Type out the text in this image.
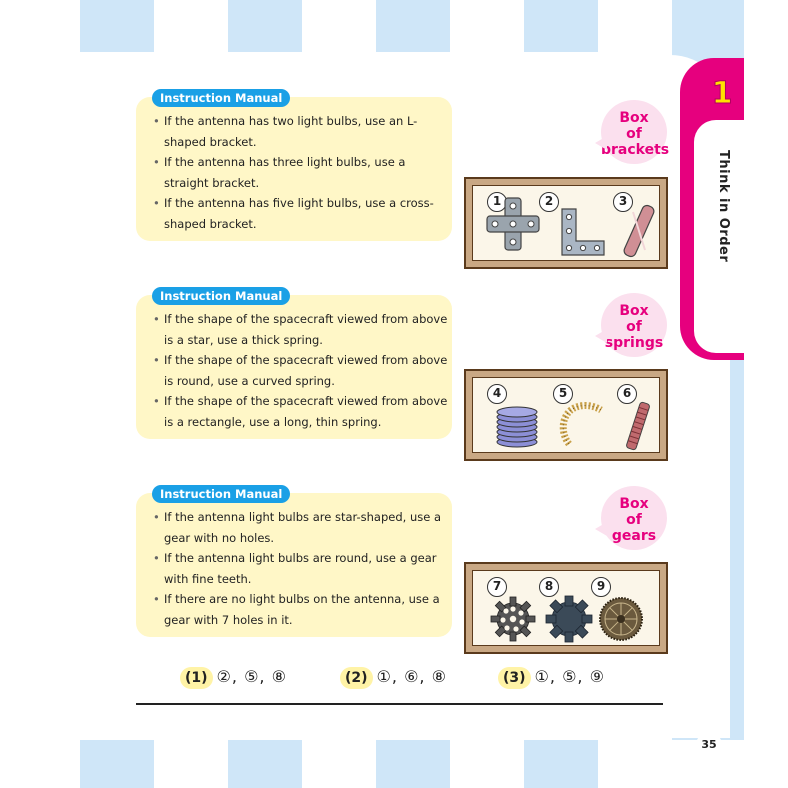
1
Think in Order
Instruction Manual
• If the antenna has two light bulbs, use an L-shaped bracket.
• If the antenna has three light bulbs, use a straight bracket.
• If the antenna has five light bulbs, use a cross-shaped bracket.
Box
of
brackets
1	2	3
Instruction Manual
• If the shape of the spacecraft viewed from above is a star, use a thick spring.
• If the shape of the spacecraft viewed from above is round, use a curved spring.
• If the shape of the spacecraft viewed from above is a rectangle, use a long, thin spring.
Box
of
springs
4	5	6
Instruction Manual
• If the antenna light bulbs are star-shaped, use a gear with no holes.
• If the antenna light bulbs are round, use a gear with fine teeth.
• If there are no light bulbs on the antenna, use a gear with 7 holes in it.
Box
of
gears
7	8	9
(1) ②, ⑤, ⑧	(2) ①, ⑥, ⑧	(3) ①, ⑤, ⑨
35
